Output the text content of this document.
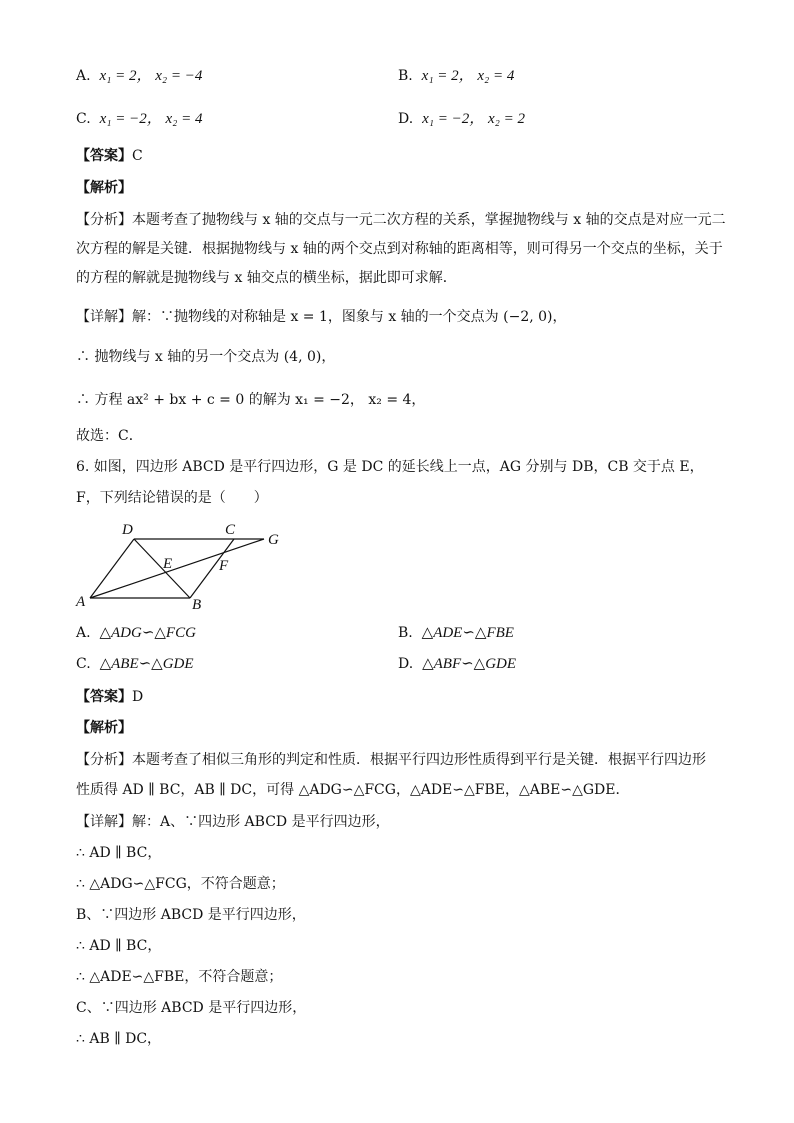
A. x₁ = 2， x₂ = −4	B. x₁ = 2， x₂ = 4
C. x₁ = −2， x₂ = 4	D. x₁ = −2， x₂ = 2
【答案】C
【解析】
【分析】本题考查了抛物线与 x 轴的交点与一元二次方程的关系，掌握抛物线与 x 轴的交点是对应一元二
次方程的解是关键．根据抛物线与 x 轴的两个交点到对称轴的距离相等，则可得另一个交点的坐标，关于
的方程的解就是抛物线与 x 轴交点的横坐标，据此即可求解．
【详解】解：∵抛物线的对称轴是 x = 1，图象与 x 轴的一个交点为 (−2, 0)，
∴ 抛物线与 x 轴的另一个交点为 (4, 0)，
∴ 方程 ax² + bx + c = 0 的解为 x₁ = −2， x₂ = 4，
故选：C．
6. 如图，四边形 ABCD 是平行四边形，G 是 DC 的延长线上一点，AG 分别与 DB，CB 交于点 E，
F，下列结论错误的是（　　）
A	B
C
D
E	F
G
A. △ADG∽△FCG	B. △ADE∽△FBE
C. △ABE∽△GDE	D. △ABF∽△GDE
【答案】D
【解析】
【分析】本题考查了相似三角形的判定和性质．根据平行四边形性质得到平行是关键．根据平行四边形
性质得 AD ∥ BC，AB ∥ DC，可得 △ADG∽△FCG，△ADE∽△FBE，△ABE∽△GDE．
【详解】解：A、∵四边形 ABCD 是平行四边形，
∴ AD ∥ BC，
∴ △ADG∽△FCG，不符合题意；
B、∵四边形 ABCD 是平行四边形，
∴ AD ∥ BC，
∴ △ADE∽△FBE，不符合题意；
C、∵四边形 ABCD 是平行四边形，
∴ AB ∥ DC，
